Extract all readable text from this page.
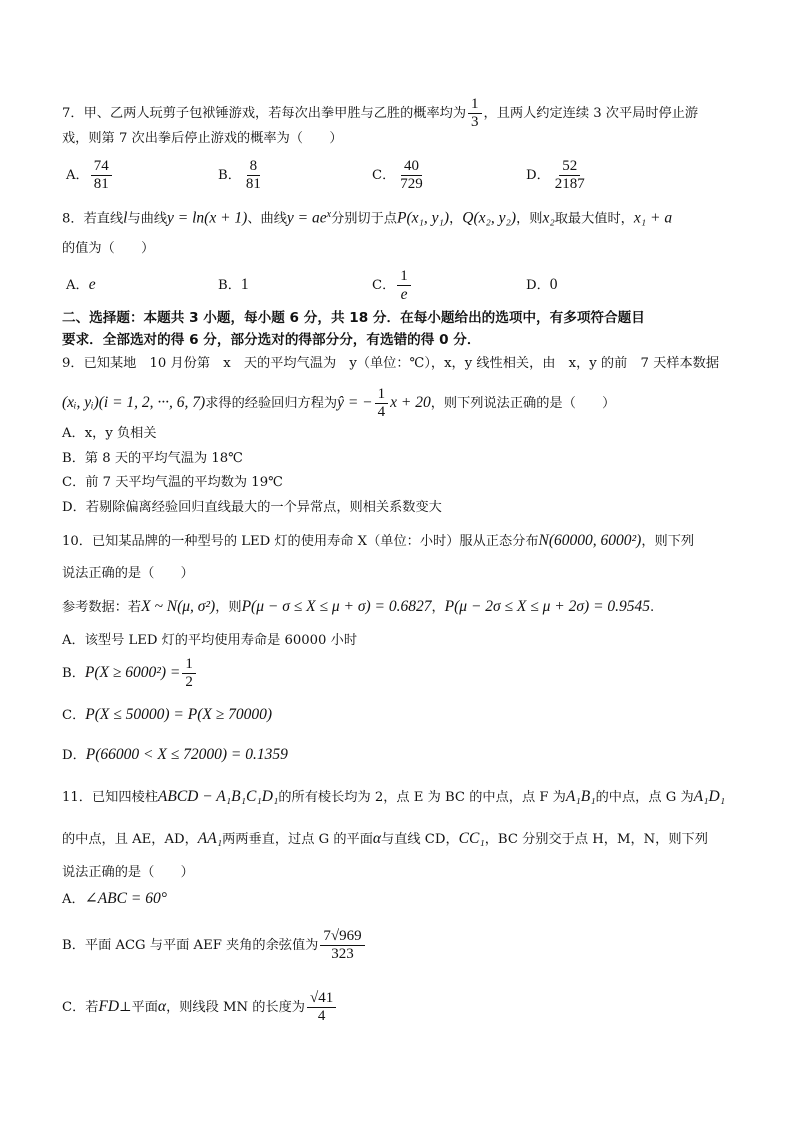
7．甲、乙两人玩剪子包袱锤游戏，若每次出拳甲胜与乙胜的概率均为 $\frac{1}{3}$ ，且两人约定连续 3 次平局时停止游
戏，则第 7 次出拳后停止游戏的概率为（　　）
A． $\frac{74}{81}$	B． $\frac{8}{81}$	C． $\frac{40}{729}$	D． $\frac{52}{2187}$
8．若直线l与曲线y = ln(x + 1)、曲线$y = ae^x$分别切于点P(x₁, y₁)，Q(x₂, y₂)，则x₂取最大值时，x₁ + a
的值为（　　）
A．e	B．1	C． $\frac{1}{e}$	D．0
二、选择题：本题共 3 小题，每小题 6 分，共 18 分．在每小题给出的选项中，有多项符合题目
要求．全部选对的得 6 分，部分选对的得部分分，有选错的得 0 分．
9．已知某地　10 月份第　x　天的平均气温为　y（单位：℃），x，y 线性相关，由　x，y 的前　7 天样本数据
(xᵢ, yᵢ)(i = 1, 2, ···, 6, 7)求得的经验回归方程为ŷ = − $\frac{1}{4}$ x + 20，则下列说法正确的是（　　）
A．x，y 负相关
B．第 8 天的平均气温为 18℃
C．前 7 天平均气温的平均数为 19℃
D．若剔除偏离经验回归直线最大的一个异常点，则相关系数变大
10．已知某品牌的一种型号的 LED 灯的使用寿命 X（单位：小时）服从正态分布N(60000, 6000²)，则下列
说法正确的是（　　）
参考数据：若X ~ N(μ, σ²)，则P(μ − σ ≤ X ≤ μ + σ) = 0.6827，P(μ − 2σ ≤ X ≤ μ + 2σ) = 0.9545.
A．该型号 LED 灯的平均使用寿命是 60000 小时
B．$P(X \ge 6000^2) = \frac{1}{2}$
C．P(X ≤ 50000) = P(X ≥ 70000)
D．P(66000 < X ≤ 72000) = 0.1359
11．已知四棱柱ABCD − A₁B₁C₁D₁的所有棱长均为 2，点 E 为 BC 的中点，点 F 为A₁B₁的中点，点 G 为A₁D₁
的中点，且 AE，AD，AA₁两两垂直，过点 G 的平面α与直线 CD，CC₁，BC 分别交于点 H，M，N，则下列
说法正确的是（　　）
A．∠ABC = 60°
B．平面 ACG 与平面 AEF 夹角的余弦值为 $\frac{7√969}{323}$
C．若FD⊥平面α，则线段 MN 的长度为 $\frac{√41}{4}$
